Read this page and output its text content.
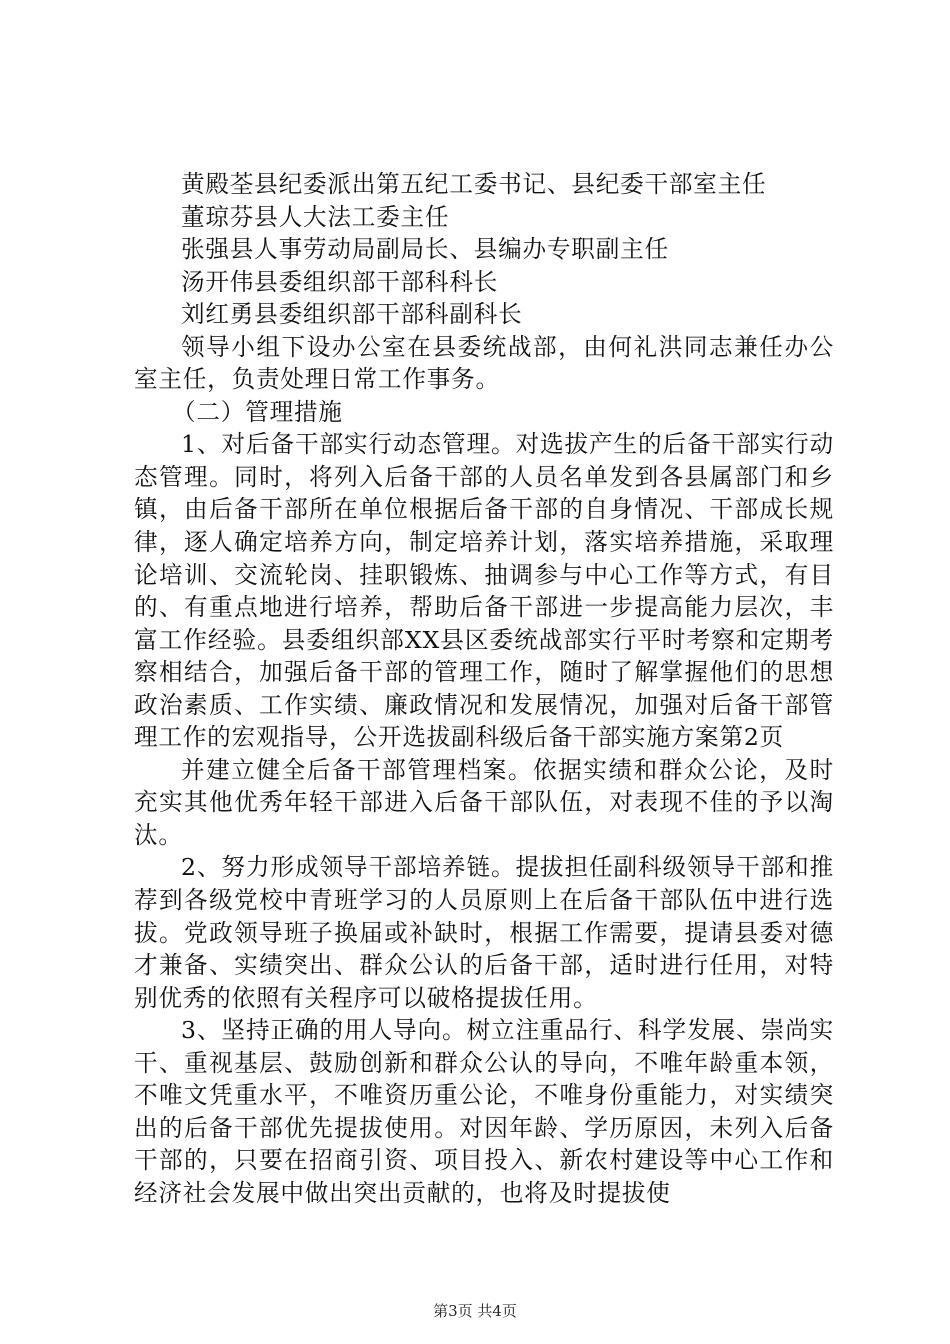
黄殿荃县纪委派出第五纪工委书记、县纪委干部室主任
董琼芬县人大法工委主任
张强县人事劳动局副局长、县编办专职副主任
汤开伟县委组织部干部科科长
刘红勇县委组织部干部科副科长
领导小组下设办公室在县委统战部，由何礼洪同志兼任办公室主任，负责处理日常工作事务。
（二）管理措施
1、对后备干部实行动态管理。对选拔产生的后备干部实行动态管理。同时，将列入后备干部的人员名单发到各县属部门和乡镇，由后备干部所在单位根据后备干部的自身情况、干部成长规律，逐人确定培养方向，制定培养计划，落实培养措施，采取理论培训、交流轮岗、挂职锻炼、抽调参与中心工作等方式，有目的、有重点地进行培养，帮助后备干部进一步提高能力层次，丰富工作经验。县委组织部XX县区委统战部实行平时考察和定期考察相结合，加强后备干部的管理工作，随时了解掌握他们的思想政治素质、工作实绩、廉政情况和发展情况，加强对后备干部管理工作的宏观指导，公开选拔副科级后备干部实施方案第2页
并建立健全后备干部管理档案。依据实绩和群众公论，及时充实其他优秀年轻干部进入后备干部队伍，对表现不佳的予以淘汰。
2、努力形成领导干部培养链。提拔担任副科级领导干部和推荐到各级党校中青班学习的人员原则上在后备干部队伍中进行选拔。党政领导班子换届或补缺时，根据工作需要，提请县委对德才兼备、实绩突出、群众公认的后备干部，适时进行任用，对特别优秀的依照有关程序可以破格提拔任用。
3、坚持正确的用人导向。树立注重品行、科学发展、崇尚实干、重视基层、鼓励创新和群众公认的导向，不唯年龄重本领，不唯文凭重水平，不唯资历重公论，不唯身份重能力，对实绩突出的后备干部优先提拔使用。对因年龄、学历原因，未列入后备干部的，只要在招商引资、项目投入、新农村建设等中心工作和经济社会发展中做出突出贡献的，也将及时提拔使
第3页 共4页
